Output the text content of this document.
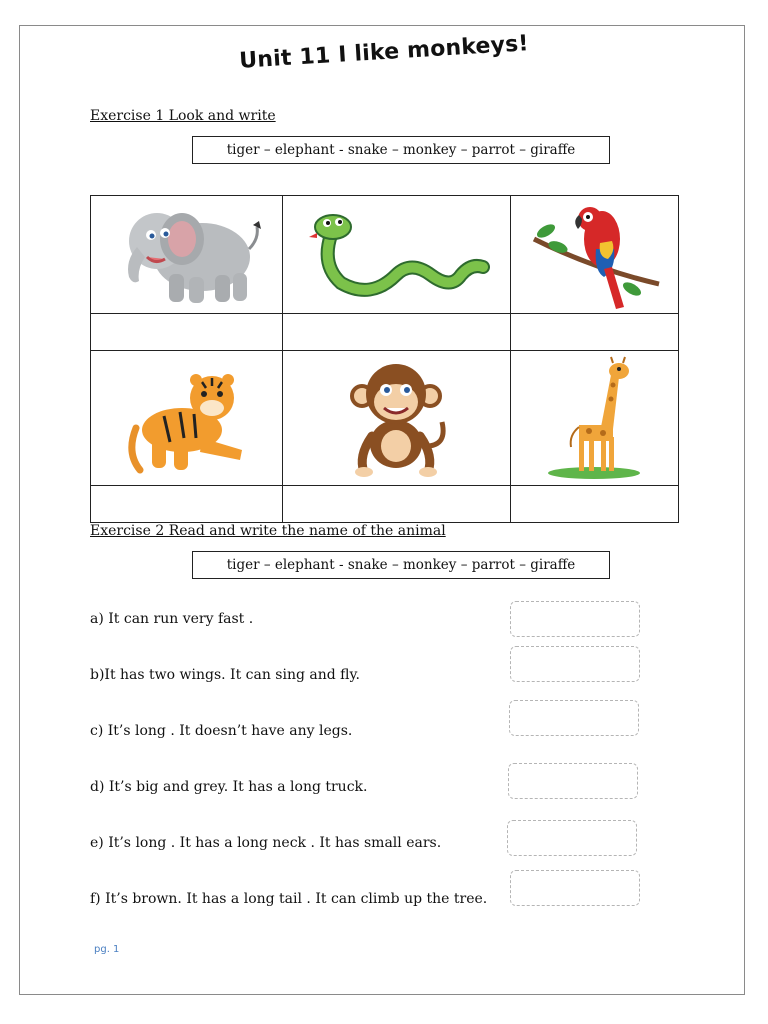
Unit 11 I like monkeys!
Exercise 1 Look and write
tiger – elephant - snake – monkey – parrot – giraffe

Exercise 2 Read and write the name of the animal
tiger – elephant - snake – monkey – parrot – giraffe
a) It can run very fast .
b)It has two wings. It can sing and fly.
c) It’s long . It doesn’t have any legs.
d) It’s big and grey. It has a long truck.
e) It’s long . It has a long neck . It has small ears.
f) It’s brown. It has a long tail . It can climb up the tree.
pg. 1
